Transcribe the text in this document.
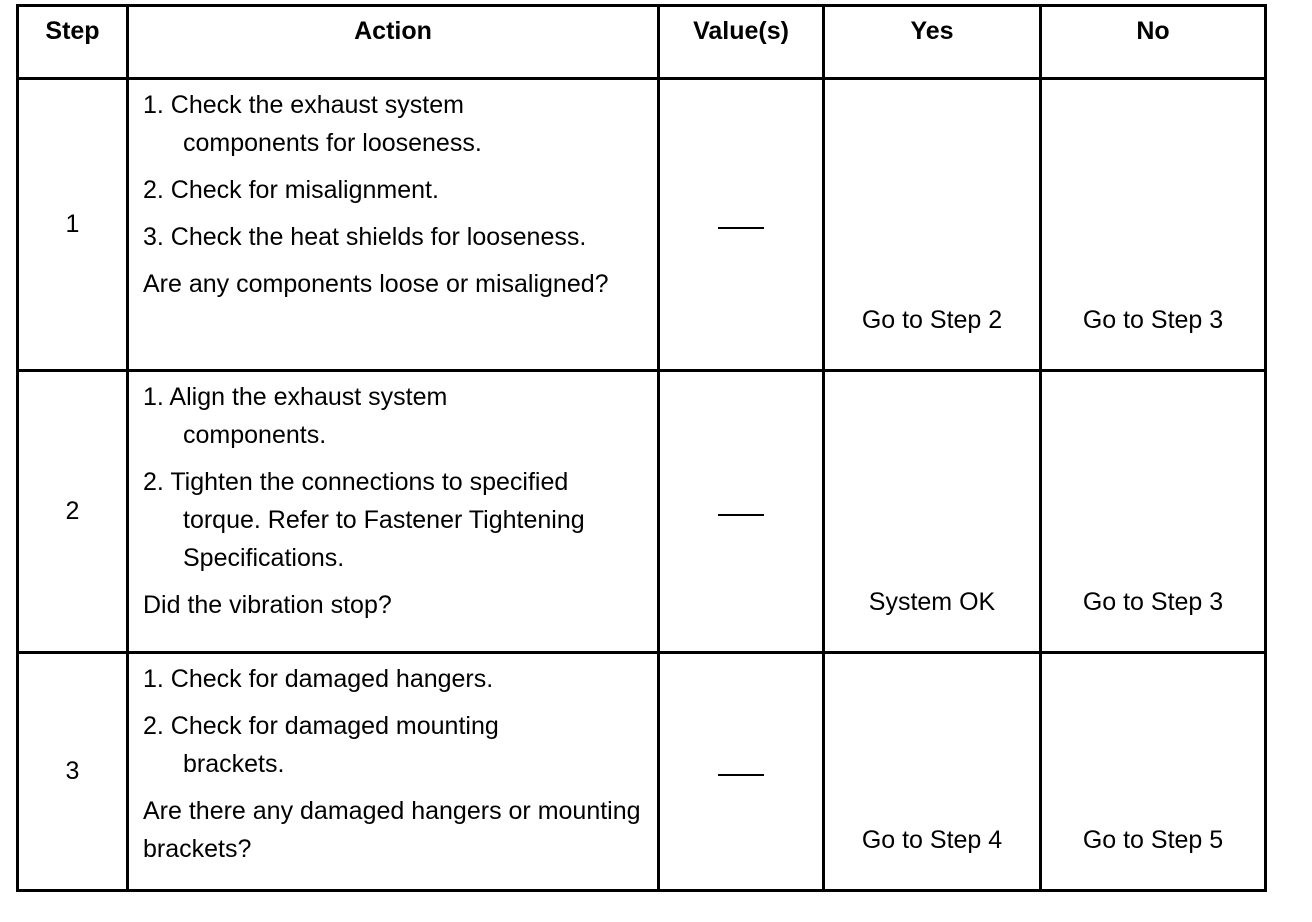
Step	Action	Value(s)	Yes	No
1	1. Check the exhaust system
components for looseness.
2. Check for misalignment.
3. Check the heat shields for looseness.

Are any components loose or misaligned?		Go to Step 2	Go to Step 3
2	1. Align the exhaust system
components.
2. Tighten the connections to specified
torque. Refer to Fastener Tightening Specifications.

Did the vibration stop?		System OK	Go to Step 3
3	1. Check for damaged hangers.
2. Check for damaged mounting
brackets.

Are there any damaged hangers or mounting brackets?		Go to Step 4	Go to Step 5
